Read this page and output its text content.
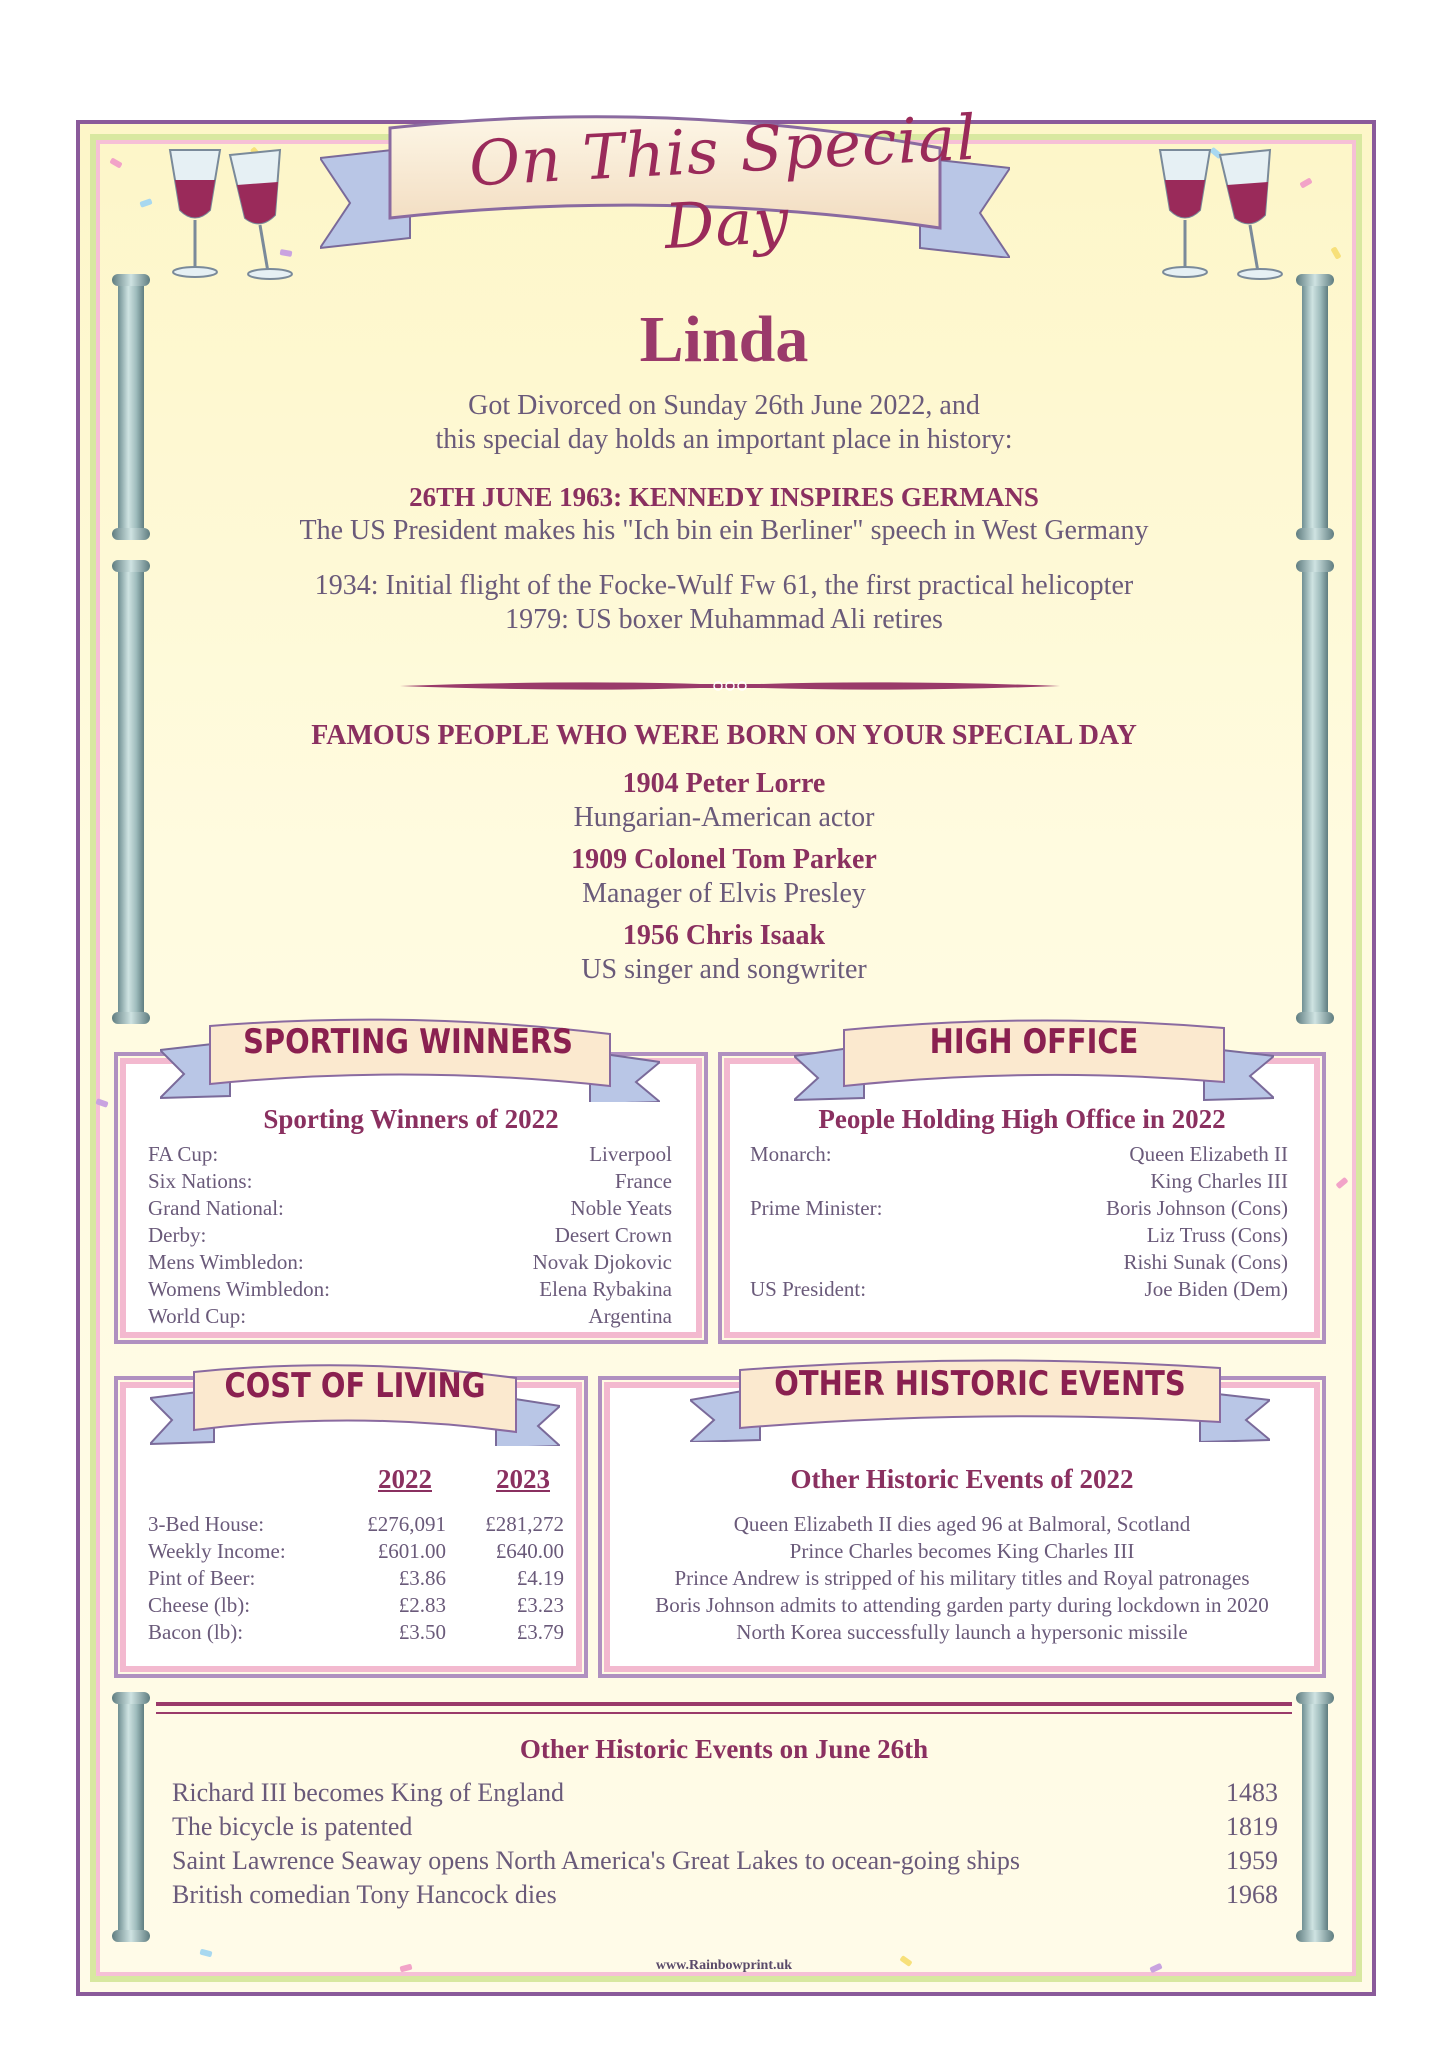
On This Special Day
Linda
Got Divorced on Sunday 26th June 2022, and
this special day holds an important place in history:
26TH JUNE 1963: KENNEDY INSPIRES GERMANS
The US President makes his "Ich bin ein Berliner" speech in West Germany
1934: Initial flight of the Focke-Wulf Fw 61, the first practical helicopter
1979: US boxer Muhammad Ali retires
FAMOUS PEOPLE WHO WERE BORN ON YOUR SPECIAL DAY
1904 Peter Lorre
Hungarian-American actor
1909 Colonel Tom Parker
Manager of Elvis Presley
1956 Chris Isaak
US singer and songwriter
Sporting Winners of 2022
FA Cup:	Liverpool
Six Nations:	France
Grand National:	Noble Yeats
Derby:	Desert Crown
Mens Wimbledon:	Novak Djokovic
Womens Wimbledon:	Elena Rybakina
World Cup:	Argentina
People Holding High Office in 2022
Monarch:	Queen Elizabeth II
King Charles III
Prime Minister:	Boris Johnson (Cons)
Liz Truss (Cons)
Rishi Sunak (Cons)
US President:	Joe Biden (Dem)
2022 2023
3-Bed House:	£276,091	£281,272
Weekly Income:	£601.00	£640.00
Pint of Beer:	£3.86	£4.19
Cheese (lb):	£2.83	£3.23
Bacon (lb):	£3.50	£3.79
Other Historic Events of 2022
Queen Elizabeth II dies aged 96 at Balmoral, Scotland
Prince Charles becomes King Charles III
Prince Andrew is stripped of his military titles and Royal patronages
Boris Johnson admits to attending garden party during lockdown in 2020
North Korea successfully launch a hypersonic missile
SPORTING WINNERS	HIGH OFFICE
COST OF LIVING	OTHER HISTORIC EVENTS
Other Historic Events on June 26th
Richard III becomes King of England	1483
The bicycle is patented	1819
Saint Lawrence Seaway opens North America's Great Lakes to ocean-going ships	1959
British comedian Tony Hancock dies	1968
www.Rainbowprint.uk
